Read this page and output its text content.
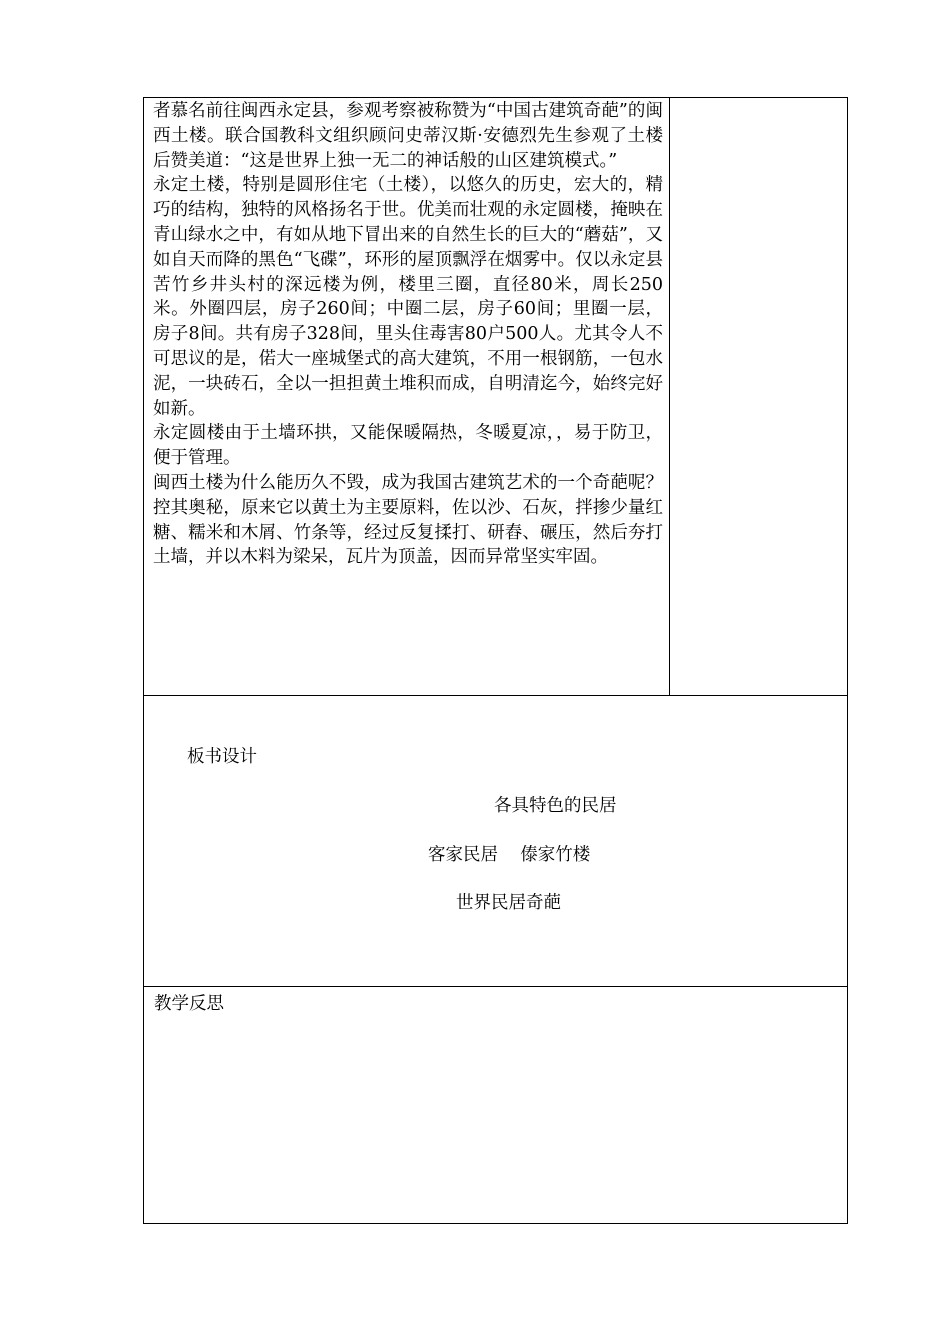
者慕名前往闽西永定县，参观考察被称赞为“中国古建筑奇葩”的闽西土楼。联合国教科文组织顾问史蒂汉斯·安德烈先生参观了土楼后赞美道：“这是世界上独一无二的神话般的山区建筑模式。”

永定土楼，特别是圆形住宅（土楼），以悠久的历史，宏大的，精巧的结构，独特的风格扬名于世。优美而壮观的永定圆楼，掩映在青山绿水之中，有如从地下冒出来的自然生长的巨大的“蘑菇”，又如自天而降的黑色“飞碟”，环形的屋顶飘浮在烟雾中。仅以永定县苦竹乡井头村的深远楼为例，楼里三圈，直径80米，周长250米。外圈四层，房子260间；中圈二层，房子60间；里圈一层，房子8间。共有房子328间，里头住毒害80户500人。尤其令人不可思议的是，偌大一座城堡式的高大建筑，不用一根钢筋，一包水泥，一块砖石，全以一担担黄土堆积而成，自明清迄今，始终完好如新。

永定圆楼由于土墙环拱，又能保暖隔热，冬暖夏凉，，易于防卫，便于管理。

闽西土楼为什么能历久不毁，成为我国古建筑艺术的一个奇葩呢？控其奥秘，原来它以黄土为主要原料，佐以沙、石灰，拌掺少量红糖、糯米和木屑、竹条等，经过反复揉打、研舂、碾压，然后夯打土墙，并以木料为梁呆，瓦片为顶盖，因而异常坚实牢固。

板书设计
各具特色的民居
客家民居    傣家竹楼
世界民居奇葩
教学反思
